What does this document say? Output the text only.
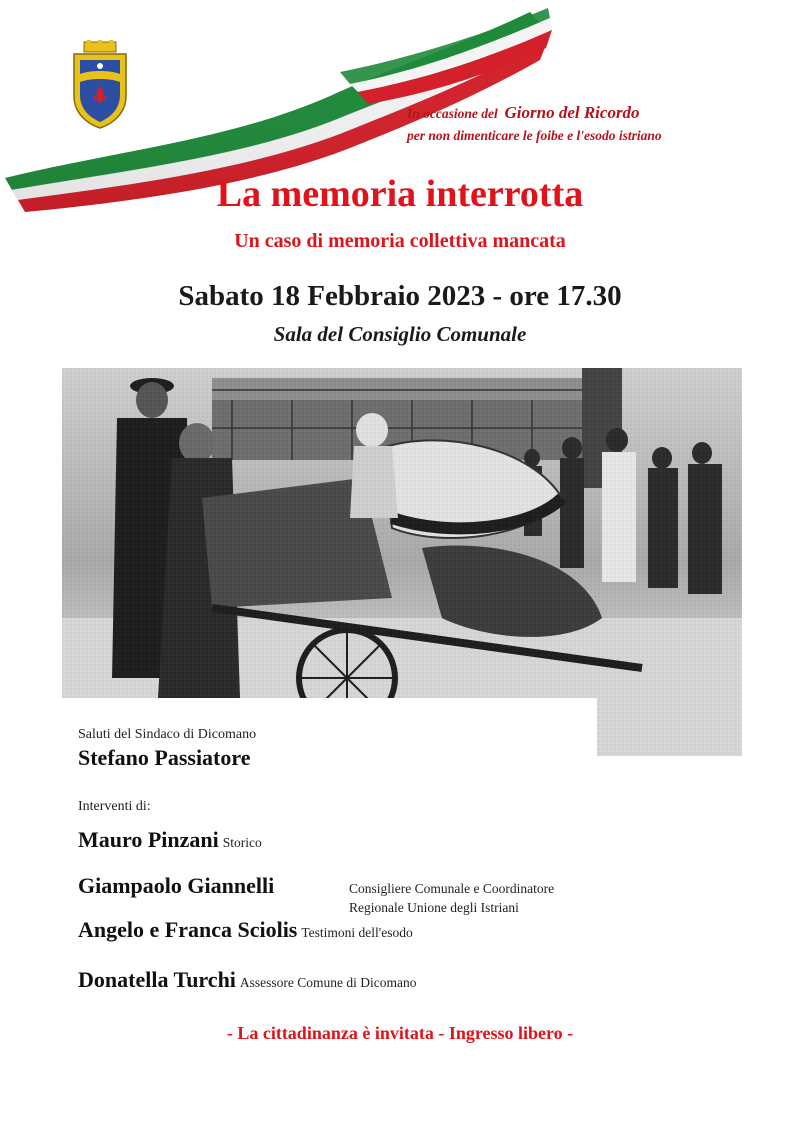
In occasione del Giorno del Ricordo
per non dimenticare le foibe e l'esodo istriano
La memoria interrotta
Un caso di memoria collettiva mancata
Sabato 18 Febbraio 2023 - ore 17.30
Sala del Consiglio Comunale
Saluti del Sindaco di Dicomano
Stefano Passiatore
Interventi di:
Mauro Pinzani Storico
Giampaolo Giannelli	Consigliere Comunale e Coordinatore
Regionale Unione degli Istriani
Angelo e Franca Sciolis Testimoni dell'esodo
Donatella Turchi Assessore Comune di Dicomano
- La cittadinanza è invitata - Ingresso libero -
